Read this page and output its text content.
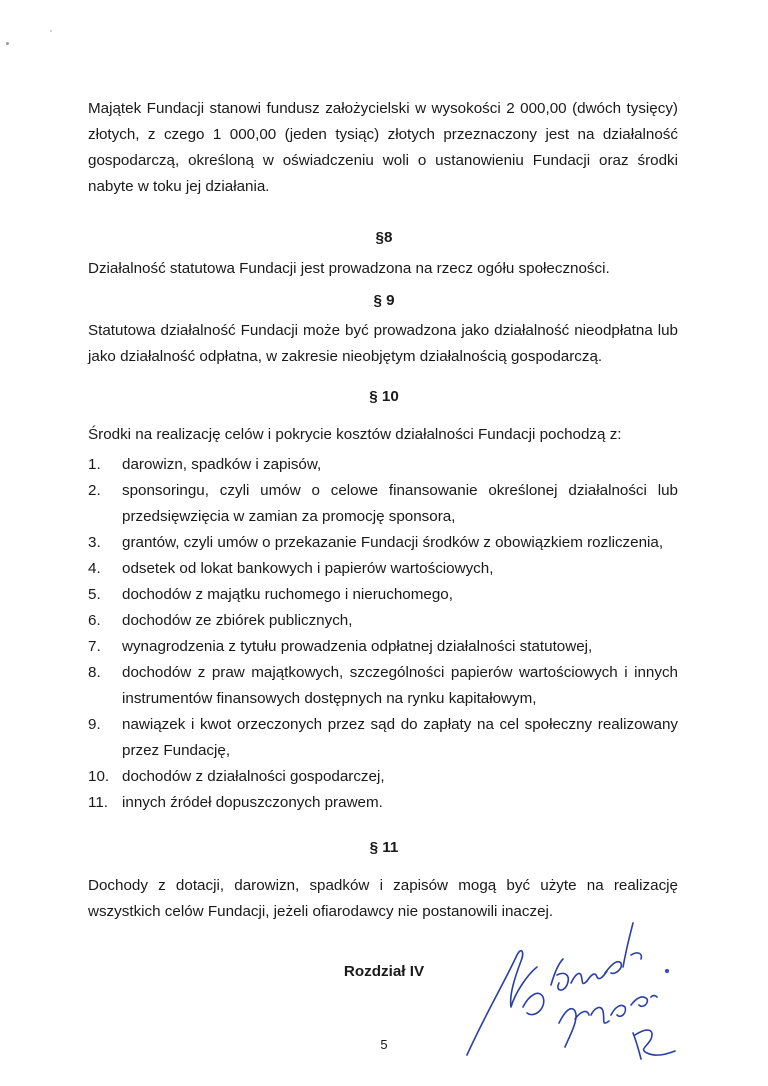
Majątek Fundacji stanowi fundusz założycielski w wysokości 2 000,00 (dwóch tysięcy) złotych, z czego 1 000,00 (jeden tysiąc) złotych przeznaczony jest na działalność gospodarczą, określoną w oświadczeniu woli o ustanowieniu Fundacji oraz środki nabyte w toku jej działania.

§8

Działalność statutowa Fundacji jest prowadzona na rzecz ogółu społeczności.

§ 9

Statutowa działalność Fundacji może być prowadzona jako działalność nieodpłatna lub jako działalność odpłatna, w zakresie nieobjętym działalnością gospodarczą.

§ 10

Środki na realizację celów i pokrycie kosztów działalności Fundacji pochodzą z:

1. darowizn, spadków i zapisów,
2. sponsoringu, czyli umów o celowe finansowanie określonej działalności lub przedsięwzięcia w zamian za promocję sponsora,
3. grantów, czyli umów o przekazanie Fundacji środków z obowiązkiem rozliczenia,
4. odsetek od lokat bankowych i papierów wartościowych,
5. dochodów z majątku ruchomego i nieruchomego,
6. dochodów ze zbiórek publicznych,
7. wynagrodzenia z tytułu prowadzenia odpłatnej działalności statutowej,
8. dochodów z praw majątkowych, szczególności papierów wartościowych i innych instrumentów finansowych dostępnych na rynku kapitałowym,
9. nawiązek i kwot orzeczonych przez sąd do zapłaty na cel społeczny realizowany przez Fundację,
10. dochodów z działalności gospodarczej,
11. innych źródeł dopuszczonych prawem.

§ 11

Dochody z dotacji, darowizn, spadków i zapisów mogą być użyte na realizację wszystkich celów Fundacji, jeżeli ofiarodawcy nie postanowili inaczej.

Rozdział IV

5
